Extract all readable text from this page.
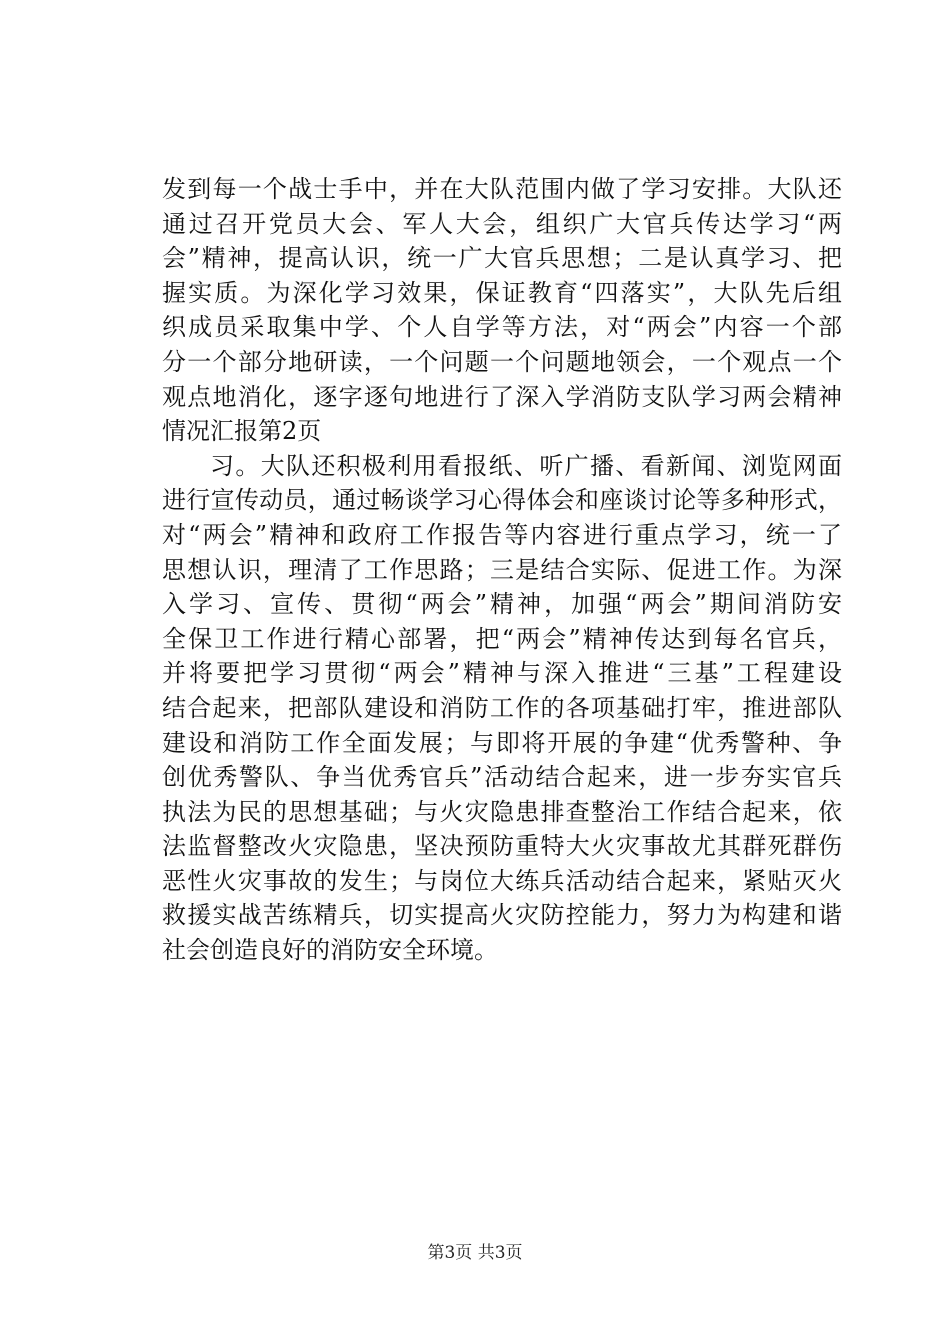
发到每一个战士手中，并在大队范围内做了学习安排。大队还
通过召开党员大会、军人大会，组织广大官兵传达学习“两
会”精神，提高认识，统一广大官兵思想；二是认真学习、把
握实质。为深化学习效果，保证教育“四落实”，大队先后组
织成员采取集中学、个人自学等方法，对“两会”内容一个部
分一个部分地研读，一个问题一个问题地领会，一个观点一个
观点地消化，逐字逐句地进行了深入学消防支队学习两会精神
情况汇报第2页
习。大队还积极利用看报纸、听广播、看新闻、浏览网面
进行宣传动员，通过畅谈学习心得体会和座谈讨论等多种形式，
对“两会”精神和政府工作报告等内容进行重点学习，统一了
思想认识，理清了工作思路；三是结合实际、促进工作。为深
入学习、宣传、贯彻“两会”精神，加强“两会”期间消防安
全保卫工作进行精心部署，把“两会”精神传达到每名官兵，
并将要把学习贯彻“两会”精神与深入推进“三基”工程建设
结合起来，把部队建设和消防工作的各项基础打牢，推进部队
建设和消防工作全面发展；与即将开展的争建“优秀警种、争
创优秀警队、争当优秀官兵”活动结合起来，进一步夯实官兵
执法为民的思想基础；与火灾隐患排查整治工作结合起来，依
法监督整改火灾隐患，坚决预防重特大火灾事故尤其群死群伤
恶性火灾事故的发生；与岗位大练兵活动结合起来，紧贴灭火
救援实战苦练精兵，切实提高火灾防控能力，努力为构建和谐
社会创造良好的消防安全环境。
第3页 共3页
